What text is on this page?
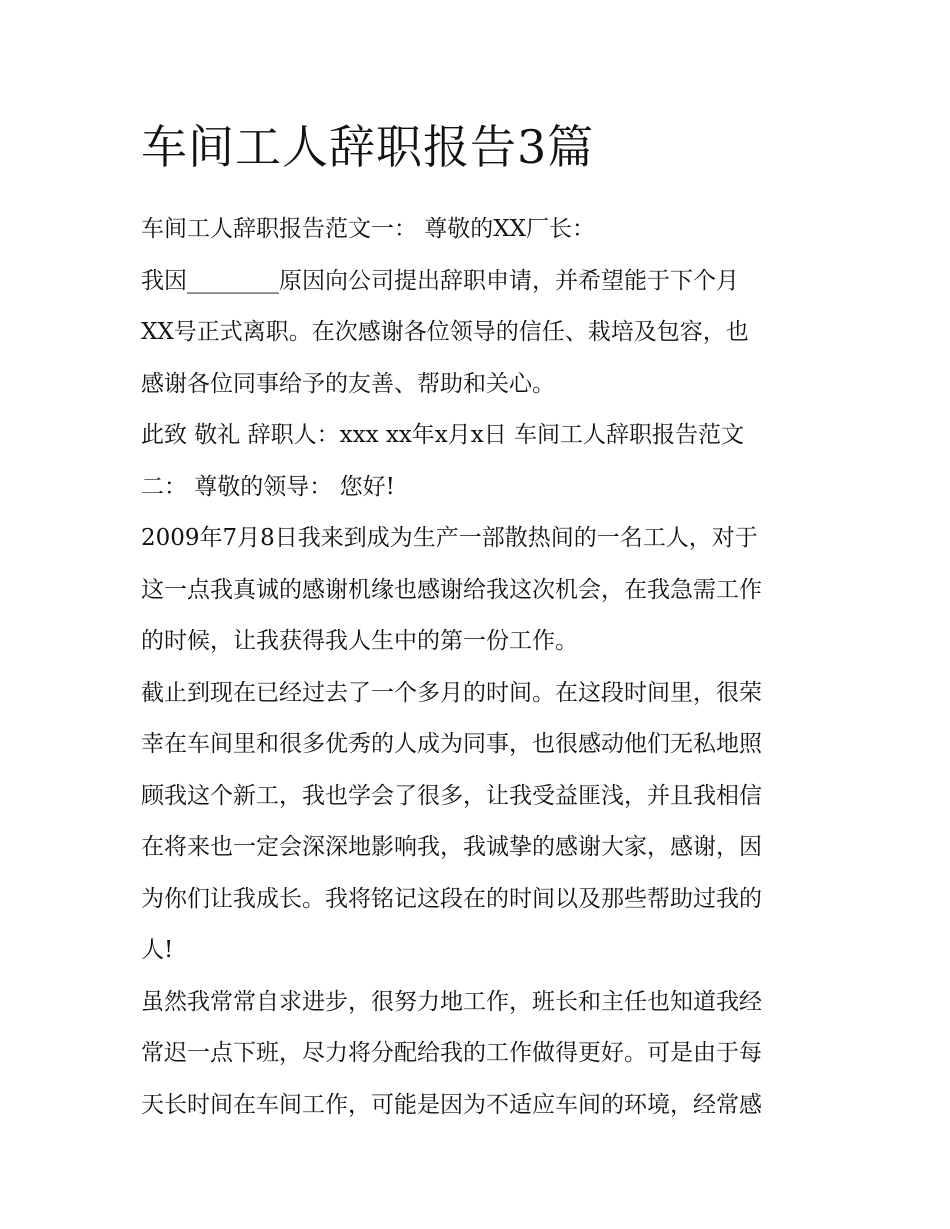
车间工人辞职报告3篇

车间工人辞职报告范文一： 尊敬的XX厂长：

我因________原因向公司提出辞职申请，并希望能于下个月

XX号正式离职。在次感谢各位领导的信任、栽培及包容，也

感谢各位同事给予的友善、帮助和关心。

此致 敬礼 辞职人：xxx xx年x月x日 车间工人辞职报告范文

二： 尊敬的领导： 您好!

2009年7月8日我来到成为生产一部散热间的一名工人，对于

这一点我真诚的感谢机缘也感谢给我这次机会，在我急需工作

的时候，让我获得我人生中的第一份工作。

截止到现在已经过去了一个多月的时间。在这段时间里，很荣

幸在车间里和很多优秀的人成为同事，也很感动他们无私地照

顾我这个新工，我也学会了很多，让我受益匪浅，并且我相信

在将来也一定会深深地影响我，我诚挚的感谢大家，感谢，因

为你们让我成长。我将铭记这段在的时间以及那些帮助过我的

人!

虽然我常常自求进步，很努力地工作，班长和主任也知道我经

常迟一点下班，尽力将分配给我的工作做得更好。可是由于每

天长时间在车间工作，可能是因为不适应车间的环境，经常感
